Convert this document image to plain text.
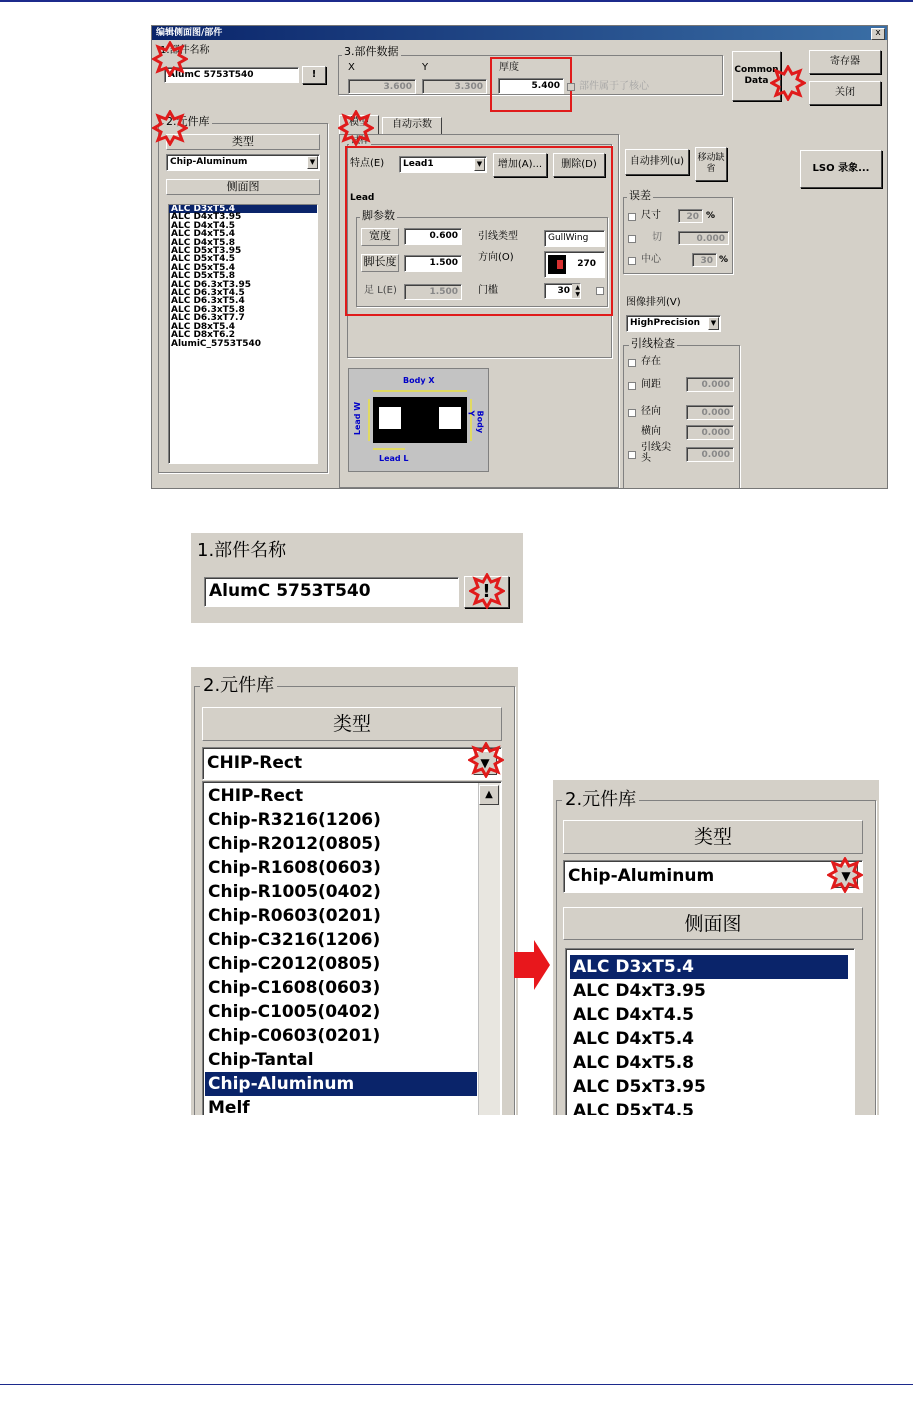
编辑侧面图/部件	x
1.部件名称
AlumC 5753T540	!
2.元件库
类型
Chip-Aluminum	▼
侧面图
ALC D3xT5.4
ALC D4xT3.95
ALC D4xT4.5
ALC D4xT5.4
ALC D4xT5.8
ALC D5xT3.95
ALC D5xT4.5
ALC D5xT5.4
ALC D5xT5.8
ALC D6.3xT3.95
ALC D6.3xT4.5
ALC D6.3xT5.4
ALC D6.3xT5.8
ALC D6.3xT7.7
ALC D8xT5.4
ALC D8xT6.2
AlumiC_5753T540
3.部件数据
X	Y
3.600	3.300
厚度
5.400	部件属于了核心
Common Data
寄存器
关闭
LSO 录象...
模型	自动示数
试样
特点(E)	Lead1	▼	增加(A)...	删除(D)
Lead
脚参数
宽度	0.600
脚长度	1.500
足 L(E)	1.500
引线类型	GullWing
方向(O)
270
门槛	30 ▲
▼
Body X
Lead L
Lead W	Body Y
自动排列(u)	移动缺省
误差
尺寸	20 %
切	0.000
中心	30 %
图像排列(V)
HighPrecision	▼
引线检查
存在
间距	0.000
径向	0.000
横向	0.000
引线尖头	0.000
1.部件名称
AlumC 5753T540	!
2.元件库
类型
CHIP-Rect	▼
CHIP-Rect
Chip-R3216(1206)
Chip-R2012(0805)
Chip-R1608(0603)
Chip-R1005(0402)
Chip-R0603(0201)
Chip-C3216(1206)
Chip-C2012(0805)
Chip-C1608(0603)
Chip-C1005(0402)
Chip-C0603(0201)
Chip-Tantal
Chip-Aluminum
Melf
▲	2.元件库
类型
Chip-Aluminum	▼
侧面图
ALC D3xT5.4
ALC D4xT3.95
ALC D4xT4.5
ALC D4xT5.4
ALC D4xT5.8
ALC D5xT3.95
ALC D5xT4.5
